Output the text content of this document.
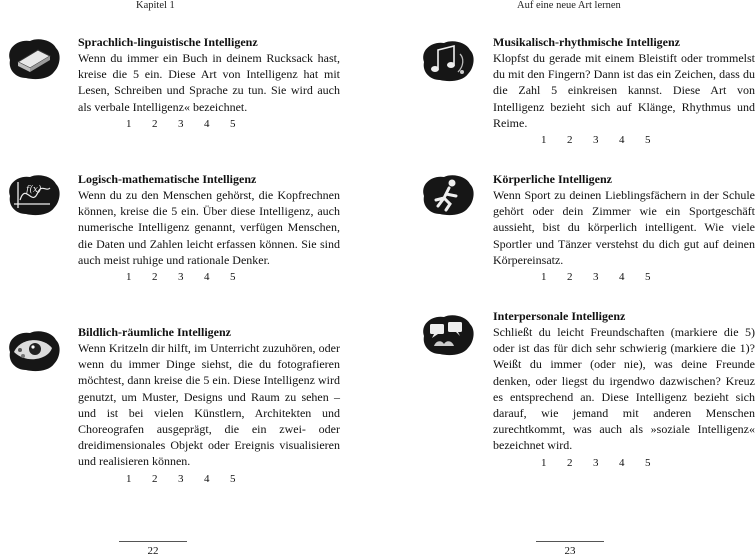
Kapitel 1

Sprachlich-linguistische Intelligenz

Wenn du immer ein Buch in deinem Rucksack hast, kreise die 5 ein. Diese Art von Intelligenz hat mit Lesen, Schreiben und Sprache zu tun. Sie wird auch als verbale Intelligenz« bezeichnet.

1	2	3	4	5
f(x)

Logisch-mathematische Intelligenz

Wenn du zu den Menschen gehörst, die Kopfrechnen können, kreise die 5 ein. Über diese Intelligenz, auch numerische Intelligenz genannt, verfügen Menschen, die Daten und Zahlen leicht erfassen können. Sie sind auch meist ruhige und rationale Denker.

1	2	3	4	5

Bildlich-räumliche Intelligenz

Wenn Kritzeln dir hilft, im Unterricht zuzuhören, oder wenn du immer Dinge siehst, die du fotografieren möchtest, dann kreise die 5 ein. Diese Intelligenz wird genutzt, um Muster, Designs und Raum zu sehen – und ist bei vielen Künstlern, Architekten und Choreografen ausgeprägt, die ein zwei- oder dreidimensionales Objekt oder Ereignis visualisieren und realisieren können.

1	2	3	4	5
22
Auf eine neue Art lernen

Musikalisch-rhythmische Intelligenz

Klopfst du gerade mit einem Bleistift oder trommelst du mit den Fingern? Dann ist das ein Zeichen, dass du die Zahl 5 einkreisen kannst. Diese Art von Intelligenz bezieht sich auf Klänge, Rhythmus und Reime.

1	2	3	4	5

Körperliche Intelligenz

Wenn Sport zu deinen Lieblingsfächern in der Schule gehört oder dein Zimmer wie ein Sportgeschäft aussieht, bist du körperlich intelligent. Wie viele Sportler und Tänzer verstehst du dich gut auf deinen Körpereinsatz.

1	2	3	4	5

Interpersonale Intelligenz

Schließt du leicht Freundschaften (markiere die 5) oder ist das für dich sehr schwierig (markiere die 1)? Weißt du immer (oder nie), was deine Freunde denken, oder liegst du irgendwo dazwischen? Kreuz es entsprechend an. Diese Intelligenz bezieht sich darauf, wie jemand mit anderen Menschen zurechtkommt, was auch als »soziale Intelligenz« bezeichnet wird.

1	2	3	4	5
23
